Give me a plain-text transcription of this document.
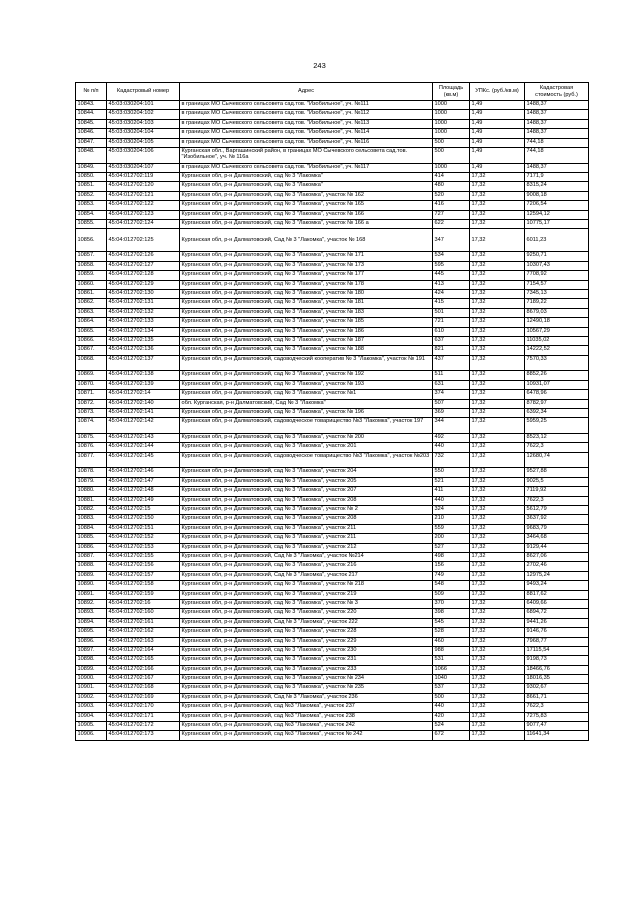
243
№ п/п	Кадастровый номер	Адрес	Площадь (кв.м)	УПКс. (руб./кв.м)	Кадастровая стоимость (руб.)
10843.	45:03:030204:101	в границах МО Сычевского сельсовета сад.тов. "Изобильное", уч. №111	1000	1,49	1488,37
10844.	45:03:030204:102	в границах МО Сычевского сельсовета сад.тов. "Изобильное", уч. №112	1000	1,49	1488,37
10845.	45:03:030204:103	в границах МО Сычевского сельсовета сад.тов. "Изобильное", уч. №113	1000	1,49	1488,37
10846.	45:03:030204:104	в границах МО Сычевского сельсовета сад.тов. "Изобильное", уч. №114	1000	1,49	1488,37
10847.	45:03:030204:105	в границах МО Сычевского сельсовета сад.тов. "Изобильное", уч. №116	500	1,49	744,18
10848.	45:03:030204:106	Курганская обл., Варгашинский район, в границах МО Сычевского сельсовета сад.тов. "Изобильное", уч. № 116а	500	1,49	744,18
10849.	45:03:030204:107	в границах МО Сычевского сельсовета сад.тов. "Изобильное", уч. №117	1000	1,49	1488,37
10850.	45:04:012702:119	Курганская обл, р-н Далматовский, сад № 3 "Лакомка"	414	17,32	7171,9
10851.	45:04:012702:120	Курганская обл, р-н Далматовский, сад № 3 "Лакомка"	480	17,32	8315,24
10852.	45:04:012702:121	Курганская обл, р-н Далматовский, сад № 3 "Лакомка", участок № 162	520	17,32	9008,18
10853.	45:04:012702:122	Курганская обл, р-н Далматовский, сад № 3 "Лакомка", участок № 165	416	17,32	7206,54
10854.	45:04:012702:123	Курганская обл, р-н Далматовский, сад № 3 "Лакомка", участок № 166	727	17,32	12594,12
10855.	45:04:012702:124	Курганская обл, р-н Далматовский, сад № 3 "Лакомка", участок № 166 а	622	17,32	10775,17
10856.	45:04:012702:125	Курганская обл, р-н Далматовский, Сад № 3 "Лакомка", участок № 168	347	17,32	6011,23
10857.	45:04:012702:126	Курганская обл, р-н Далматовский, сад № 3 "Лакомка", участок № 171	534	17,32	9250,71
10858.	45:04:012702:127	Курганская обл, р-н Далматовский, сад № 3 "Лакомка", участок № 173	595	17,32	10307,43
10859.	45:04:012702:128	Курганская обл, р-н Далматовский, сад № 3 "Лакомка", участок № 177	445	17,32	7708,92
10860.	45:04:012702:129	Курганская обл, р-н Далматовский, сад № 3 "Лакомка", участок № 178	413	17,32	7154,57
10861.	45:04:012702:130	Курганская обл, р-н Далматовский, сад № 3 "Лакомка", участок № 180	424	17,32	7345,13
10862.	45:04:012702:131	Курганская обл, р-н Далматовский, сад № 3 "Лакомка", участок № 181	415	17,32	7189,22
10863.	45:04:012702:132	Курганская обл, р-н Далматовский, сад № 3 "Лакомка", участок № 183	501	17,32	8679,03
10864.	45:04:012702:133	Курганская обл, р-н Далматовский, сад № 3 "Лакомка", участок № 185	721	17,32	12490,18
10865.	45:04:012702:134	Курганская обл, р-н Далматовский, сад № 3 "Лакомка", участок № 186	610	17,32	10567,29
10866.	45:04:012702:135	Курганская обл, р-н Далматовский, сад № 3 "Лакомка", участок № 187	637	17,32	11035,02
10867.	45:04:012702:136	Курганская обл, р-н Далматовский, сад № 3 "Лакомка", участок № 188	821	17,32	14222,52
10868.	45:04:012702:137	Курганская обл, р-н Далматовский, садоводческий кооператив № 3 "Лакомка", участок № 191	437	17,32	7570,33
10869.	45:04:012702:138	Курганская обл, р-н Далматовский, сад № 3 "Лакомка", участок № 192	511	17,32	8852,26
10870.	45:04:012702:139	Курганская обл, р-н Далматовский, сад № 3 "Лакомка", участок № 193	631	17,32	10931,07
10871.	45:04:012702:14	Курганская обл, р-н Далматовский, сад № 3 "Лакомка", участок №1	374	17,32	6478,96
10872.	45:04:012702:140	обл. Курганская, р-н Далматовский, Сад № 3 "Лакомка"	507	17,32	8782,97
10873.	45:04:012702:141	Курганская обл, р-н Далматовский, сад № 3 "Лакомка", участок № 196	369	17,32	6392,34
10874.	45:04:012702:142	Курганская обл, р-н Далматовский, садоводческое товарищество №3 "Лакомка", участок 197	344	17,32	5959,25
10875.	45:04:012702:143	Курганская обл, р-н Далматовский, сад № 3 "Лакомка", участок № 200	492	17,32	8523,12
10876.	45:04:012702:144	Курганская обл, р-н Далматовский, сад № 3 "Лакомка", участок 201	440	17,32	7622,3
10877.	45:04:012702:145	Курганская обл, р-н Далматовский, садоводческое товарищество №3 "Лакомка", участок №203	732	17,32	12680,74
10878.	45:04:012702:146	Курганская обл, р-н Далматовский, сад № 3 "Лакомка", участок 204	550	17,32	9527,88
10879.	45:04:012702:147	Курганская обл, р-н Далматовский, сад № 3 "Лакомка", участок 205	521	17,32	9025,5
10880.	45:04:012702:148	Курганская обл, р-н Далматовский, сад № 3 "Лакомка", участок 207	411	17,32	7119,92
10881.	45:04:012702:149	Курганская обл, р-н Далматовский, сад № 3 "Лакомка", участок 208	440	17,32	7622,3
10882.	45:04:012702:15	Курганская обл, р-н Далматовский, сад № 3 "Лакомка", участок № 2	324	17,32	5612,79
10883.	45:04:012702:150	Курганская обл, р-н Далматовский, сад № 3 "Лакомка", участок 208	210	17,32	3637,92
10884.	45:04:012702:151	Курганская обл, р-н Далматовский, сад № 3 "Лакомка", участок 211	559	17,32	9683,79
10885.	45:04:012702:152	Курганская обл, р-н Далматовский, сад № 3 "Лакомка", участок 211	200	17,32	3464,68
10886.	45:04:012702:153	Курганская обл, р-н Далматовский, сад № 3 "Лакомка", участок 212	527	17,32	9129,44
10887.	45:04:012702:155	Курганская обл, р-н Далматовский, Сад № 3 "Лакомка", участок №214	498	17,32	8627,06
10888.	45:04:012702:156	Курганская обл, р-н Далматовский, сад № 3 "Лакомка", участок 216	156	17,32	2702,46
10889.	45:04:012702:157	Курганская обл, р-н Далматовский, Сад № 3 "Лакомка", участок 217	749	17,32	12975,24
10890.	45:04:012702:158	Курганская обл, р-н Далматовский, сад № 3 "Лакомка", участок № 218	548	17,32	9493,24
10891.	45:04:012702:159	Курганская обл, р-н Далматовский, сад № 3 "Лакомка", участок 219	509	17,32	8817,62
10892.	45:04:012702:16	Курганская обл, р-н Далматовский, сад № 3 "Лакомка", участок № 3	370	17,32	6409,66
10893.	45:04:012702:160	Курганская обл, р-н Далматовский, сад № 3 "Лакомка", участок 220	398	17,32	6894,72
10894.	45:04:012702:161	Курганская обл, р-н Далматовский, Сад № 3 "Лакомка", участок 222	545	17,32	9441,26
10895.	45:04:012702:162	Курганская обл, р-н Далматовский, сад № 3 "Лакомка", участок 228	528	17,32	9146,76
10896.	45:04:012702:163	Курганская обл, р-н Далматовский, сад № 3 "Лакомка", участок 229	460	17,32	7968,77
10897.	45:04:012702:164	Курганская обл, р-н Далматовский, сад № 3 "Лакомка", участок 230	988	17,32	17115,54
10898.	45:04:012702:165	Курганская обл, р-н Далматовский, сад № 3 "Лакомка", участок 231	531	17,32	9198,73
10899.	45:04:012702:166	Курганская обл, р-н Далматовский, сад № 3 "Лакомка", участок 233	1066	17,32	18466,76
10900.	45:04:012702:167	Курганская обл, р-н Далматовский, сад № 3 "Лакомка", участок № 234	1040	17,32	18016,35
10901.	45:04:012702:168	Курганская обл, р-н Далматовский, сад № 3 "Лакомка", участок № 235	537	17,32	9302,67
10902.	45:04:012702:169	Курганская обл, р-н Далматовский, Сад № 3 "Лакомка", участок 236	500	17,32	8661,71
10903.	45:04:012702:170	Курганская обл, р-н Далматовский, сад №3 "Лакомка", участок 237	440	17,32	7622,3
10904.	45:04:012702:171	Курганская обл, р-н Далматовский, сад №3 "Лакомка", участок 238	420	17,32	7275,83
10905.	45:04:012702:172	Курганская обл, р-н Далматовский, сад №3 "Лакомка", участок 242	524	17,32	9077,47
10906.	45:04:012702:173	Курганская обл, р-н Далматовский, сад №3 "Лакомка", участок № 242	672	17,32	11641,34
